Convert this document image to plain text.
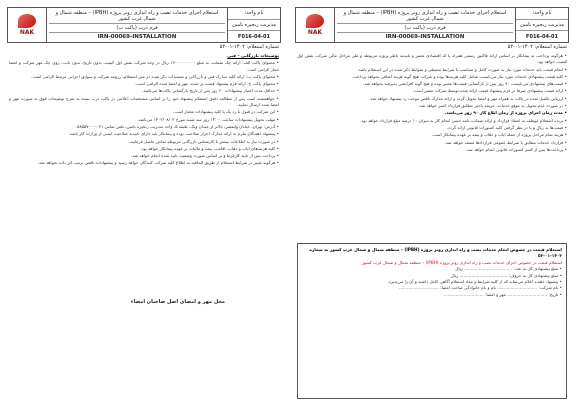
NAK
استعلام اجرای خدمات نصب و راه اندازی روتر پروژه (IPBH) – منطقه شمال و شمال غرب کشور
فرم درب (پاکت ب)
IRN-00069-INSTALLATION
نام واحد:
مدیریت زنجیره تامین
F016-04-01
شماره استعلام: ۱۴۰۲-۰۱-۵۲

توضیحات بازرگانی – فنی

• محتوای پاکت الف: ارائه چک ضمانت به مبلغ ۱۶۰۰۰۰۰۰۰۰۰ ریال در وجه شرکت نقش اول کیفیت بدون تاریخ، بدون بابت، روی چک مهر شرکت و امضا مجاز الزامی است.

• محتوای پاکت ب: ارائه کلیه مدارک فنی و بازرگانی و مستندات ذکر شده در متن استعلام، رزومه شرکت و سوابق اجرایی مرتبط الزامی است.

• محتوای پاکت ج: ارائه فرم پیشنهاد قیمت پر شده، مهر و امضا شده الزامی است.

• حداقل مدت اعتبار پیشنهادات ۶۰ روز پس از تاریخ بازگشایی پاکت‌ها می‌باشد.

• خواهشمند است پس از مطالعه دقیق استعلام پیشنهاد خود را بر اساس مشخصات اعلامی در پاکت درب بسته به شرح توضیحات فوق به صورت مهر و امضا شده ارسال نمایید.

• این شرکت در قبول یا رد یک یا کلیه پیشنهادات مختار است.

• مهلت تحویل پیشنهادات ساعت ۱۴:۰۰ روز سه شنبه مورخ ۱۴۰۲/۰۸/۰۲ می‌باشد.

• آدرس: تهران، خیابان ولیعصر، بالاتر از میدان ونک، طبقه ۵، واحد مدیریت زنجیره تامین، تلفن تماس ۰۲۱-۸۸۵۵۷۰۰۰.

• پیشنهاد دهندگان ملزم به ارائه مدارک احراز صلاحیت بوده و پیمانکار باید دارای تاییدیه صلاحیت ایمنی از وزارت کار باشد.

• در صورت نیاز به اطلاعات بیشتر با کارشناس بازرگانی مربوطه تماس حاصل فرمایید.

• کلیه هزینه‌های ایاب و ذهاب، اقامت، بیمه و مالیات بر عهده پیمانکار خواهد بود.

• پرداخت پس از تایید کارفرما و بر اساس صورت وضعیت تایید شده انجام خواهد شد.

• هرگونه تغییر در شرایط استعلام از طریق الحاقیه به اطلاع کلیه شرکت کنندگان خواهد رسید و پیشنهادات ناقص ترتیب اثر داده نخواهد شد.

محل مهر و امضای اصل صاحبان امضاء
NAK
استعلام اجرای خدمات نصب و راه اندازی روتر پروژه (IPBH) – منطقه شمال و شمال غرب کشور
فرم درب (پاکت ب)
IRN-00069-INSTALLATION
نام واحد:
مدیریت زنجیره تامین
F016-04-01
شماره استعلام: ۱۴۰۲-۰۱-۵۲

• هرگونه پرداخت به پیمانکار بر اساس ارائه فاکتور رسمی همراه با کد اقتصادی معتبر و تاییدیه ناظر پروژه مربوطه و طی مراحل مالی شرکت نقش اول کیفیت خواهد بود.

• انجام قیمت باید خدمات مورد نیاز به صورت کامل و متناسب با شرایط محیطی و ضوابط ذکر شده در این استعلام باشد.

• کلیه قیمت پیشنهادی خدمات مورد نیاز می‌بایست شامل کلیه هزینه‌ها بوده و شرکت هیچ گونه هزینه اضافی نخواهد پرداخت.

• قیمت‌های پیشنهادی می‌بایست ۹۰ روز پس از بازگشایی قیمت‌ها معتبر بوده و هیچ گونه افزایشی پذیرفته نخواهد شد.

• ارائه قیمت پیشنهادی صرفا در فرم پیشنهاد قیمت ارائه شده توسط شرکت معتبر است.

• ارزیابی تکمیل شده در پاکت به همراه مهر و امضا تحویل گردد و ارائه مدارک ناقص موجب رد پیشنهاد خواهد شد.

• در صورت عدم تحویل به موقع خدمات، جریمه تاخیر مطابق قرارداد کسر خواهد شد.

• مدت زمان اجرای پروژه از زمان ابلاغ کار ۹۰ روز می‌باشد.

• برنده استعلام موظف به انعقاد قرارداد و ارائه ضمانت نامه حسن انجام کار به میزان ۱۰ درصد مبلغ قرارداد خواهد بود.

• قیمت‌ها به ریال و با در نظر گرفتن کلیه کسورات قانونی ارائه گردد.

• هزینه تمام مراحل پروژه از جمله ایاب و ذهاب و بیمه بر عهده پیمانکار است.

• قرارداد خدمات مطابق با شرایط عمومی قراردادها منعقد خواهد شد.

• پرداخت‌ها پس از کسر کسورات قانونی انجام خواهد شد.

استعلام قیمت در خصوص انجام خدمات نصب و راه اندازی روتر پروژه (IPBH) – منطقه شمال و شمال غرب کشور به شماره ۱۴۰۲-۰۱-۵۲
استعلام قیمت در خصوص اجرای خدمات نصب و راه اندازی روتر پروژه (IPBH) – منطقه شمال و شمال غرب کشور
• مبلغ پیشنهادی کل به عدد: .................................... ریال
• مبلغ پیشنهادی کل به حروف: .................................... ریال
• پیشنهاد دهنده اعلام می‌نماید که از کلیه شرایط و مفاد استعلام آگاهی کامل داشته و آن را می‌پذیرد.
• نام شرکت: .............................. نام و نام خانوادگی صاحب امضا: ..............................
• تاریخ: .............................. مهر و امضا: ..............................
